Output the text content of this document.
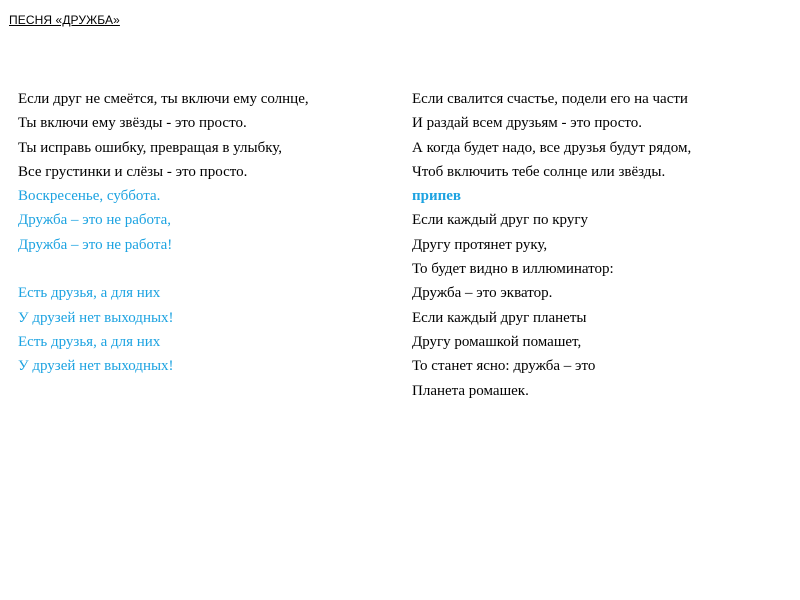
ПЕСНЯ «ДРУЖБА»
Если друг не смеётся, ты включи ему солнце,
Ты включи ему звёзды - это просто.
Ты исправь ошибку, превращая в улыбку,
Все грустинки и слёзы - это просто.
Воскресенье, суббота.
Дружба – это не работа,
Дружба – это не работа!
Есть друзья, а для них
У друзей нет выходных!
Есть друзья, а для них
У друзей нет выходных!
Если свалится счастье, подели его на части
И раздай всем друзьям - это просто.
А когда будет надо, все друзья будут рядом,
Чтоб включить тебе солнце или звёзды.
припев
Если каждый друг по кругу
Другу протянет руку,
То будет видно в иллюминатор:
Дружба – это экватор.
Если каждый друг планеты
Другу ромашкой помашет,
То станет ясно: дружба – это
Планета ромашек.
